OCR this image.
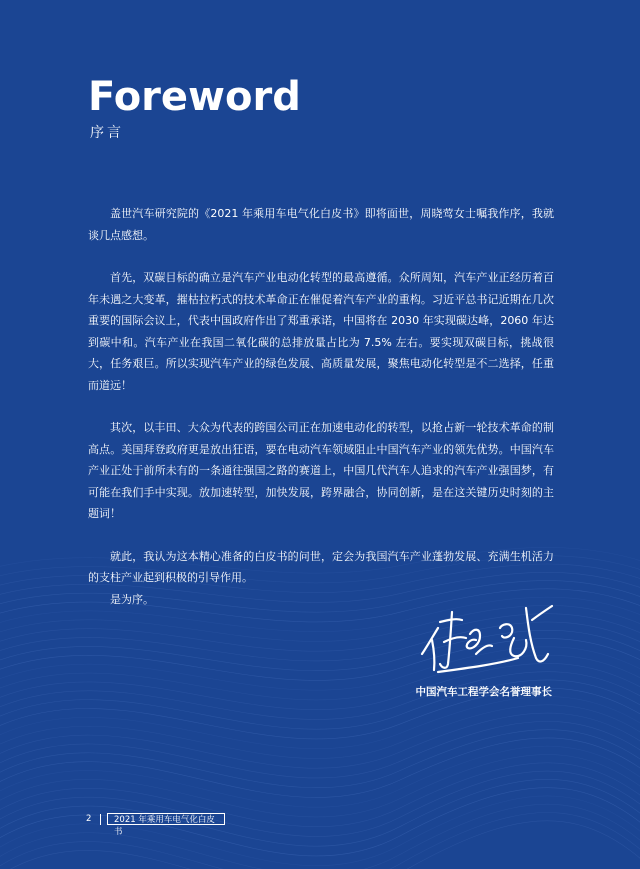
Foreword
序言

盖世汽车研究院的《2021 年乘用车电气化白皮书》即将面世，周晓莺女士嘱我作序，我就谈几点感想。

首先，双碳目标的确立是汽车产业电动化转型的最高遵循。众所周知，汽车产业正经历着百年未遇之大变革，摧枯拉朽式的技术革命正在催促着汽车产业的重构。习近平总书记近期在几次重要的国际会议上，代表中国政府作出了郑重承诺，中国将在 2030 年实现碳达峰，2060 年达到碳中和。汽车产业在我国二氧化碳的总排放量占比为 7.5% 左右。要实现双碳目标，挑战很大，任务艰巨。所以实现汽车产业的绿色发展、高质量发展，聚焦电动化转型是不二选择，任重而道远！

其次，以丰田、大众为代表的跨国公司正在加速电动化的转型，以抢占新一轮技术革命的制高点。美国拜登政府更是放出狂语，要在电动汽车领域阻止中国汽车产业的领先优势。中国汽车产业正处于前所未有的一条通往强国之路的赛道上，中国几代汽车人追求的汽车产业强国梦，有可能在我们手中实现。放加速转型，加快发展，跨界融合，协同创新，是在这关键历史时刻的主题词！

就此，我认为这本精心准备的白皮书的问世，定会为我国汽车产业蓬勃发展、充满生机活力的支柱产业起到积极的引导作用。

是为序。

中国汽车工程学会名誉理事长
2	2021 年乘用车电气化白皮书
